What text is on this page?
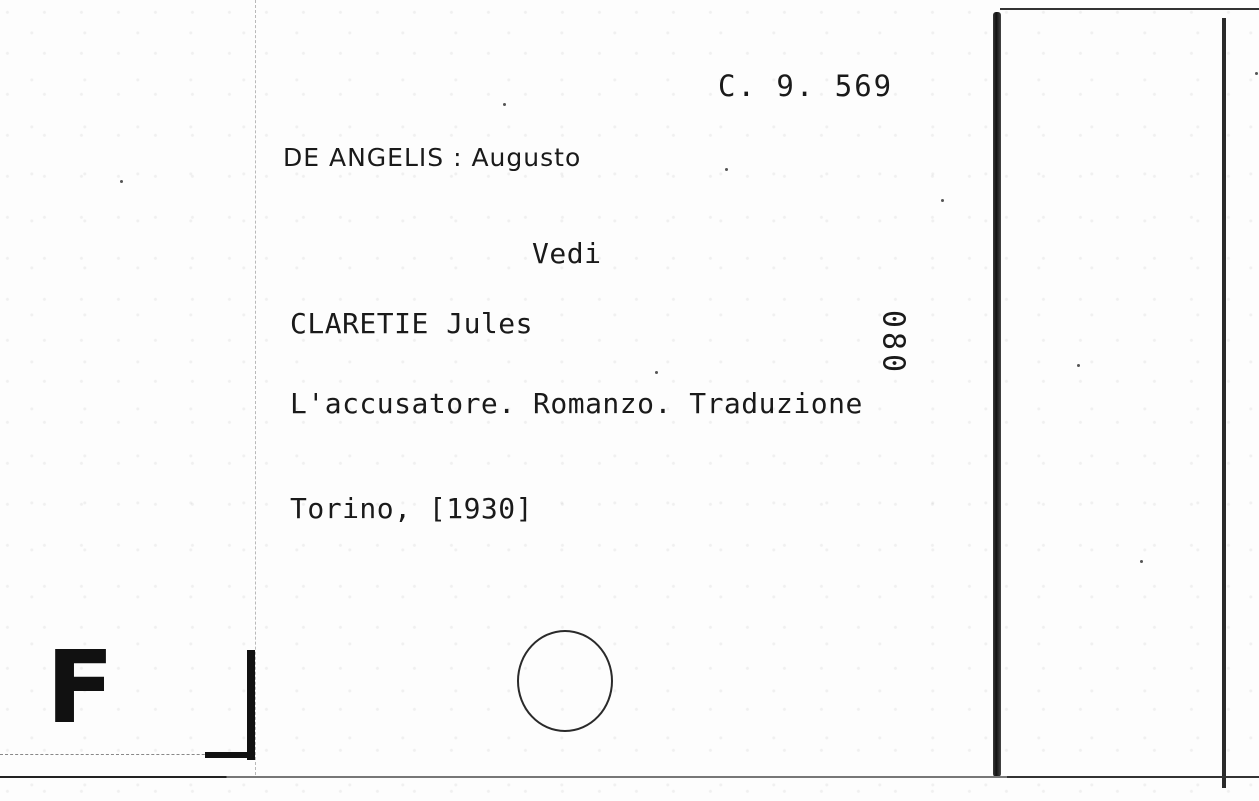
C. 9. 569
DE ANGELIS : Augusto
Vedi
CLARETIE Jules
L'accusatore. Romanzo. Traduzione
Torino, [1930]
080
F
